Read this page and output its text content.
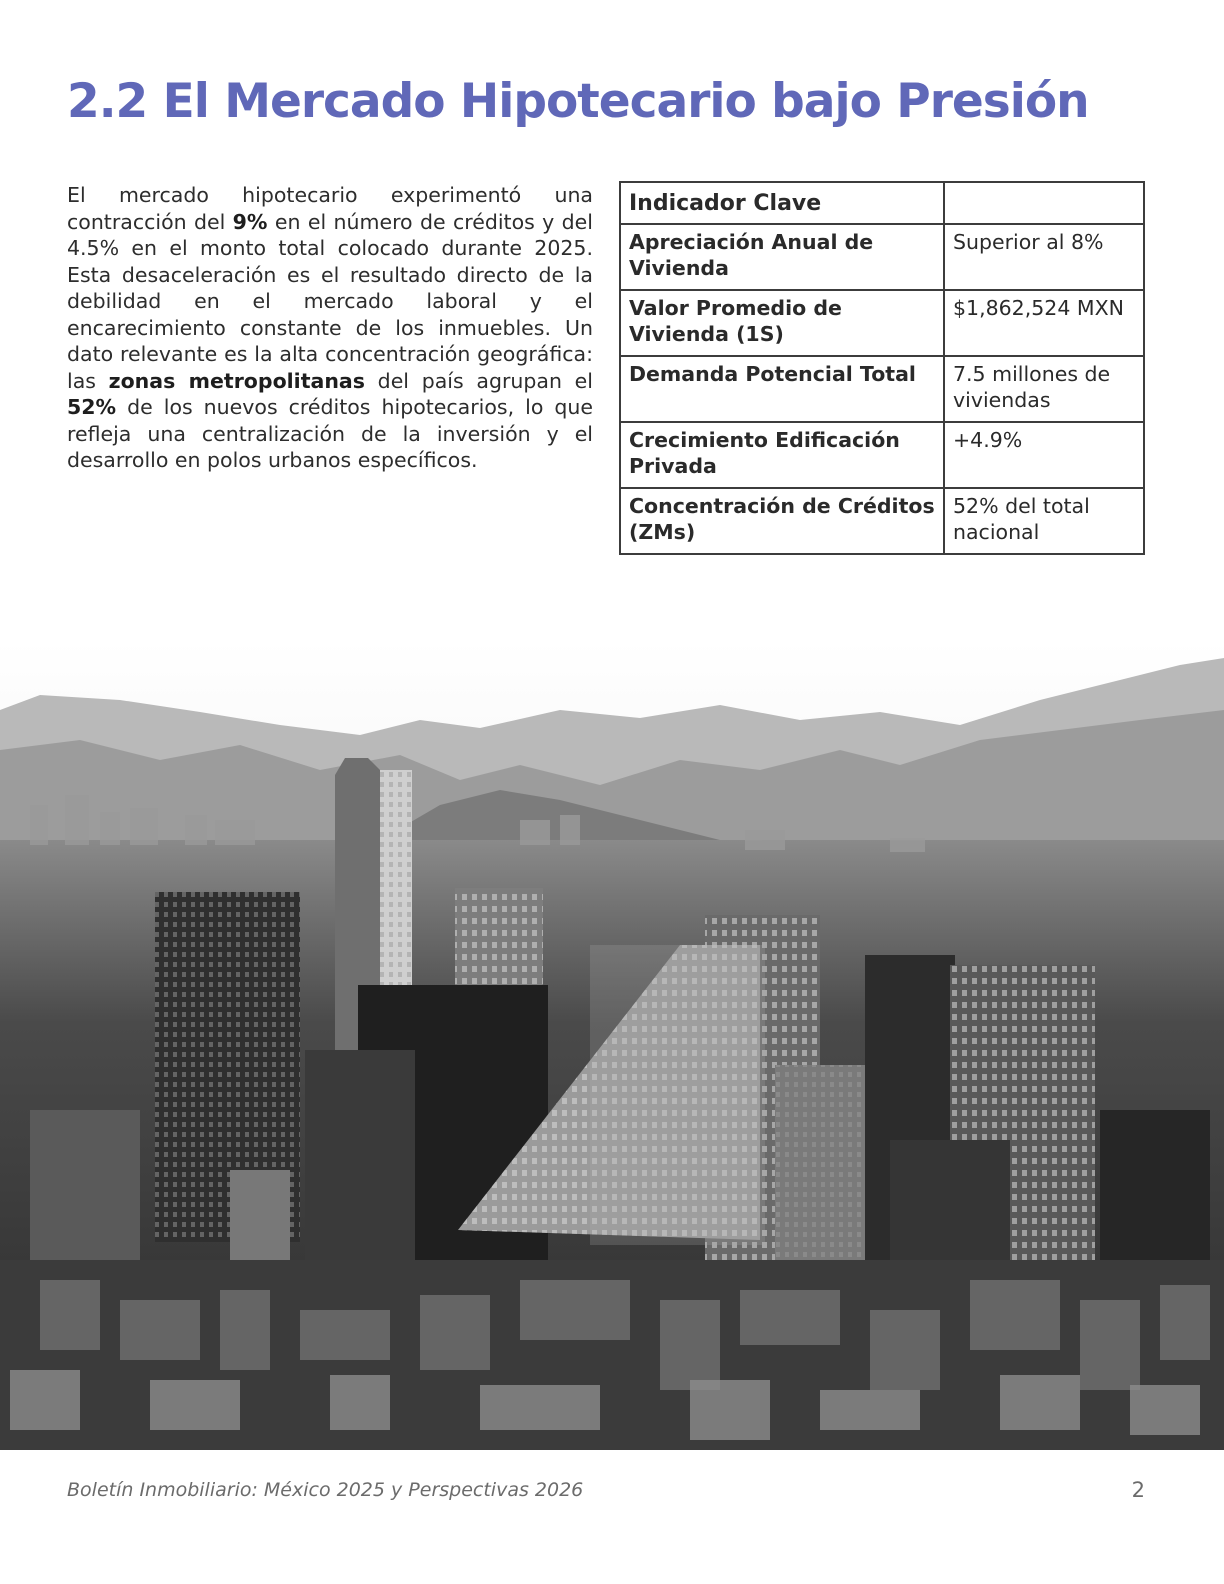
2.2 El Mercado Hipotecario bajo Presión

El mercado hipotecario experimentó una contracción del 9% en el número de créditos y del 4.5% en el monto total colocado durante 2025. Esta desaceleración es el resultado directo de la debilidad en el mercado laboral y el encarecimiento constante de los inmuebles. Un dato relevante es la alta concentración geográfica: las zonas metropolitanas del país agrupan el 52% de los nuevos créditos hipotecarios, lo que refleja una centralización de la inversión y el desarrollo en polos urbanos específicos.

Indicador Clave	
Apreciación Anual de Vivienda	Superior al 8%
Valor Promedio de Vivienda (1S)	$1,862,524 MXN
Demanda Potencial Total	7.5 millones de viviendas
Crecimiento Edificación Privada	+4.9%
Concentración de Créditos (ZMs)	52% del total nacional
Boletín Inmobiliario: México 2025 y Perspectivas 2026	2
